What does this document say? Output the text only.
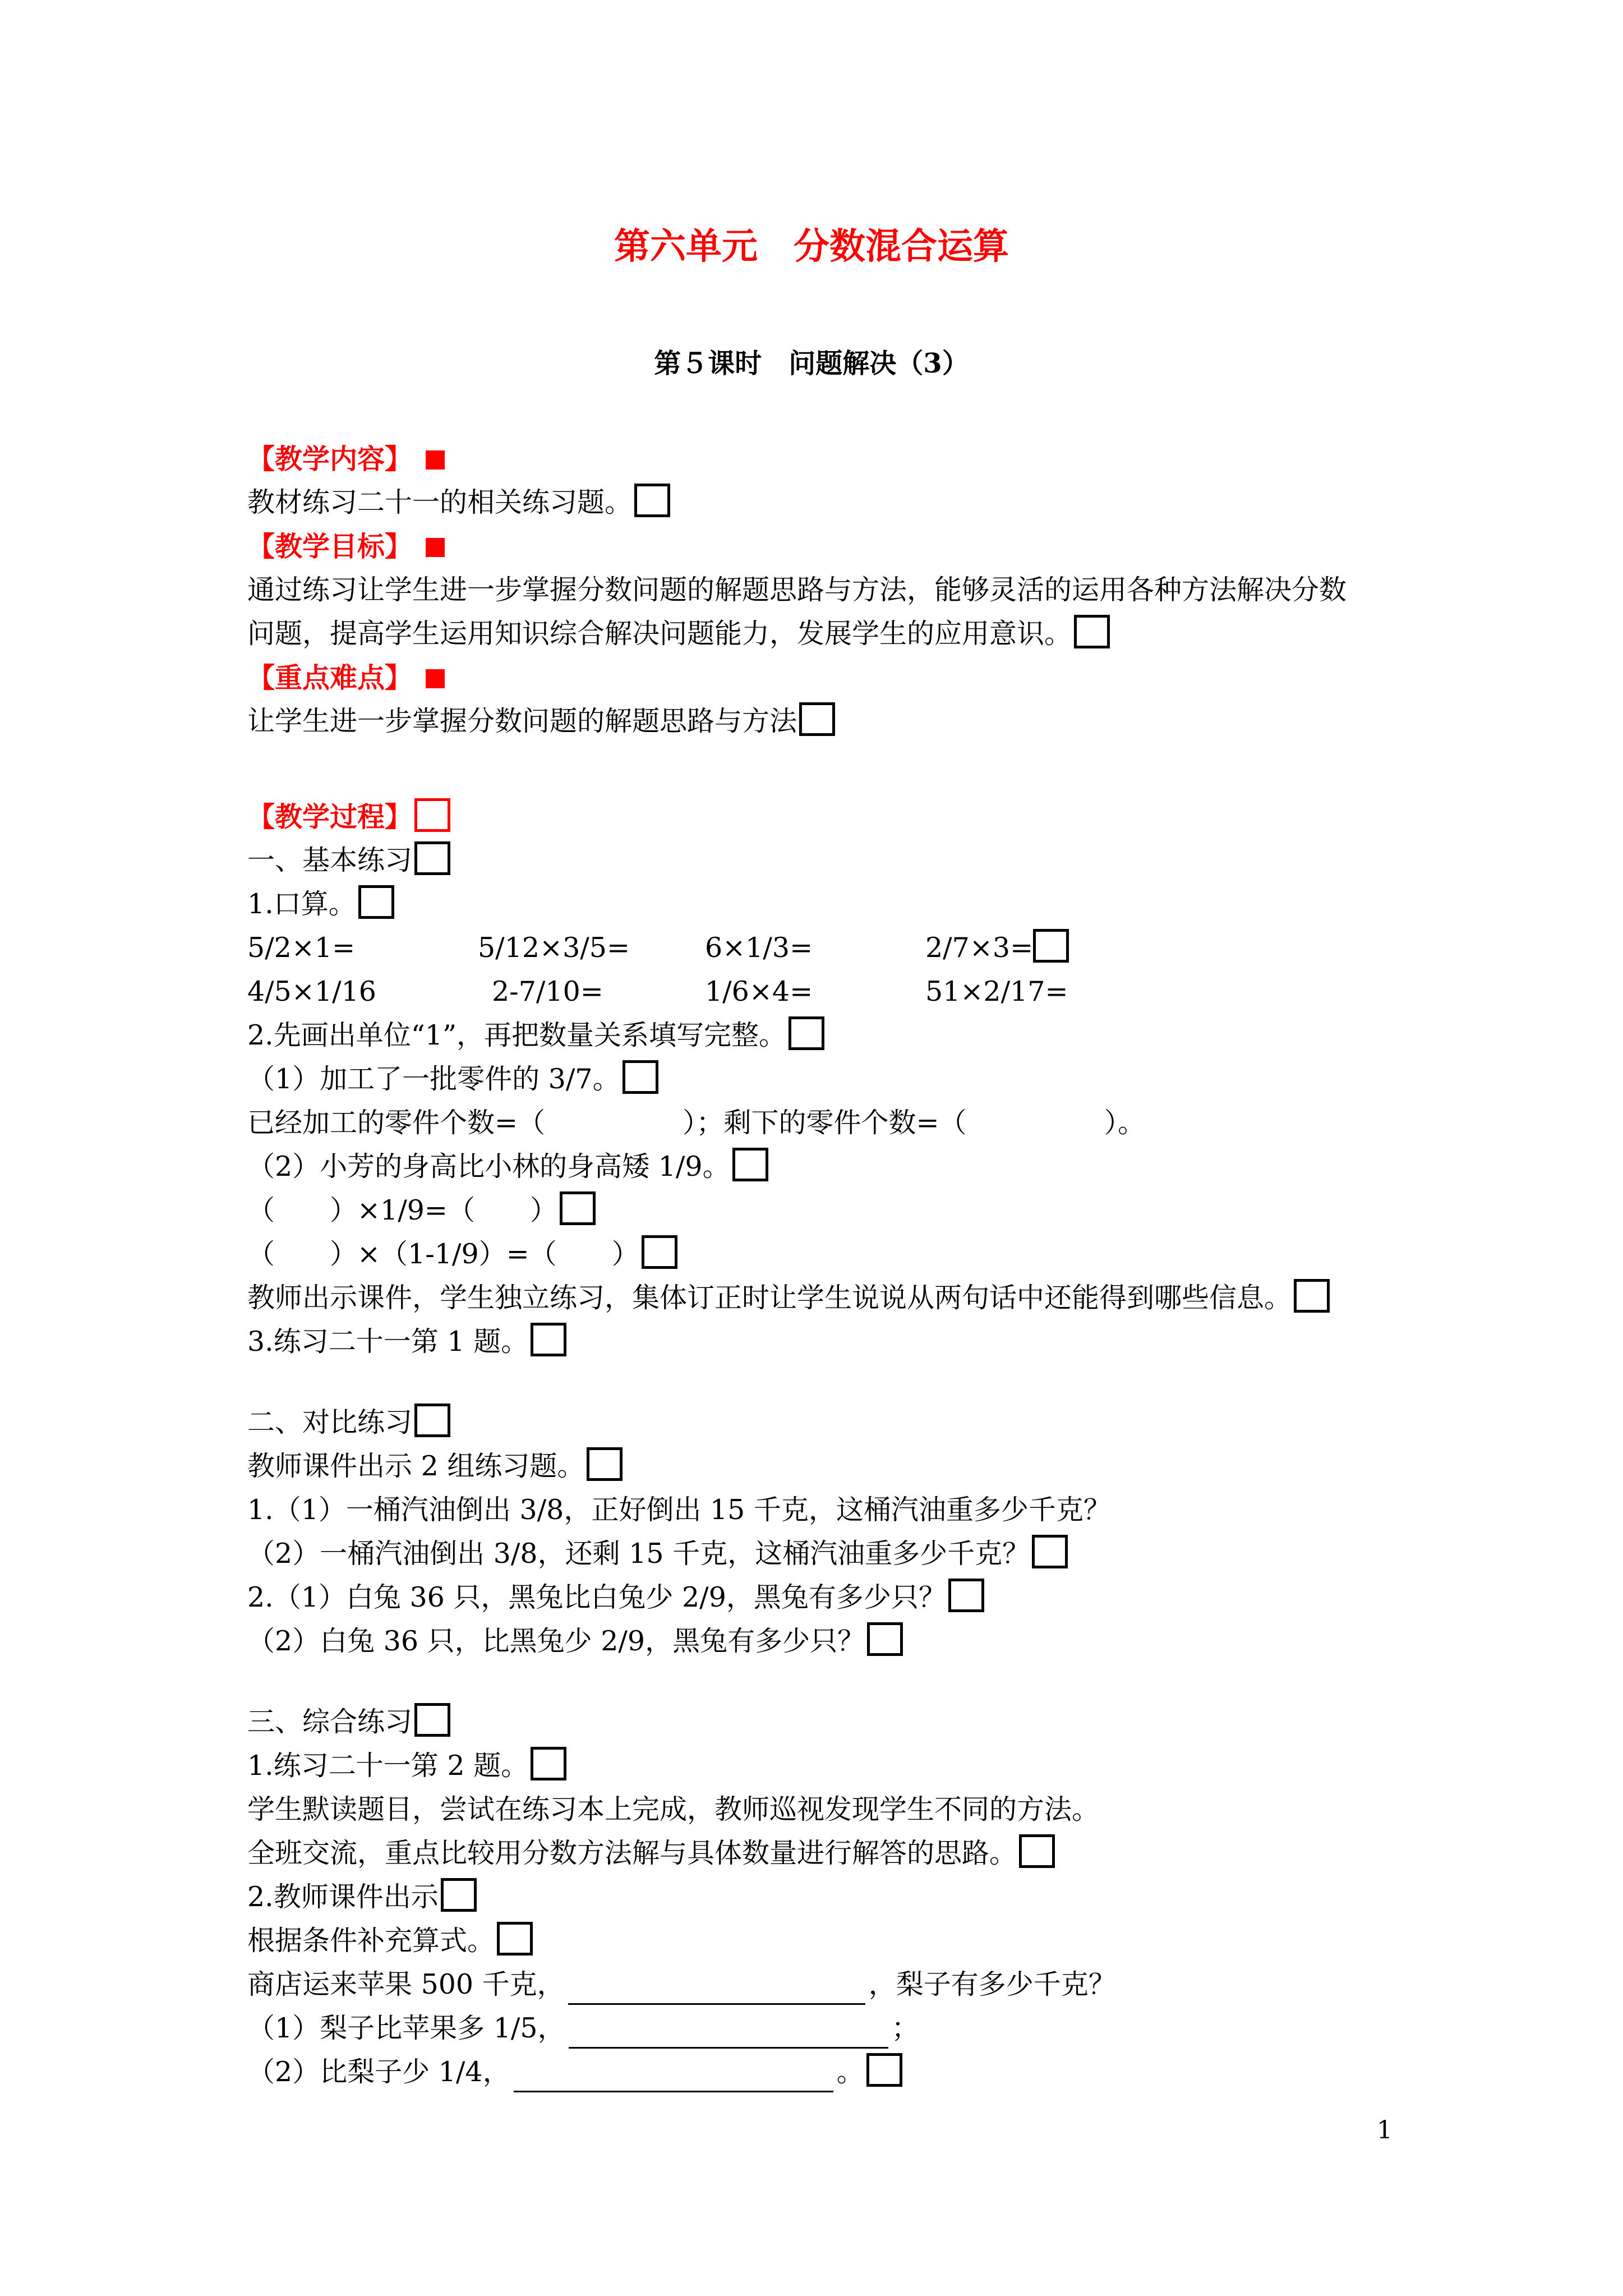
第六单元　分数混合运算
第５课时　问题解决（3）
【教学内容】
教材练习二十一的相关练习题。
【教学目标】
通过练习让学生进一步掌握分数问题的解题思路与方法，能够灵活的运用各种方法解决分数
问题，提高学生运用知识综合解决问题能力，发展学生的应用意识。
【重点难点】
让学生进一步掌握分数问题的解题思路与方法
【教学过程】
一、基本练习
1.口算。
5/2×1=	5/12×3/5=	6×1/3=	2/7×3=
4/5×1/16	2-7/10=	1/6×4=	51×2/17=
2.先画出单位“1”，再把数量关系填写完整。
（1）加工了一批零件的 3/7。
已经加工的零件个数=（　　　　　）；剩下的零件个数=（　　　　　）。
（2）小芳的身高比小林的身高矮 1/9。
（　　）×1/9=（　　）
（　　）×（1-1/9）=（　　）
教师出示课件，学生独立练习，集体订正时让学生说说从两句话中还能得到哪些信息。
3.练习二十一第 1 题。
二、对比练习
教师课件出示 2 组练习题。
1.（1）一桶汽油倒出 3/8，正好倒出 15 千克，这桶汽油重多少千克？
（2）一桶汽油倒出 3/8，还剩 15 千克，这桶汽油重多少千克？
2.（1）白兔 36 只，黑兔比白兔少 2/9，黑兔有多少只？
（2）白兔 36 只，比黑兔少 2/9，黑兔有多少只？
三、综合练习
1.练习二十一第 2 题。
学生默读题目，尝试在练习本上完成，教师巡视发现学生不同的方法。
全班交流，重点比较用分数方法解与具体数量进行解答的思路。
2.教师课件出示
根据条件补充算式。
商店运来苹果 500 千克，	，梨子有多少千克？
（1）梨子比苹果多 1/5，	；
（2）比梨子少 1/4，	。
1
